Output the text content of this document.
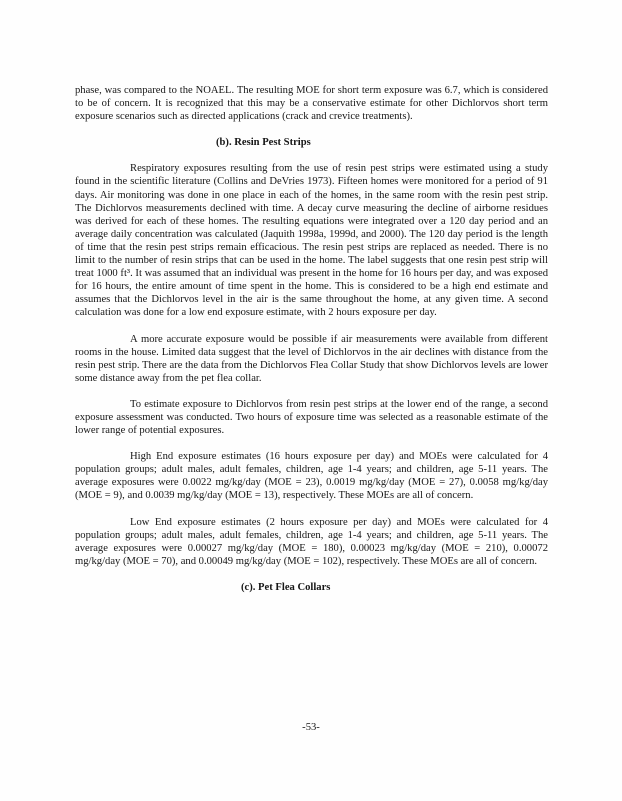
phase, was compared to the NOAEL. The resulting MOE for short term exposure was 6.7, which is considered to be of concern. It is recognized that this may be a conservative estimate for other Dichlorvos short term exposure scenarios such as directed applications (crack and crevice treatments).

(b). Resin Pest Strips

Respiratory exposures resulting from the use of resin pest strips were estimated using a study found in the scientific literature (Collins and DeVries 1973). Fifteen homes were monitored for a period of 91 days. Air monitoring was done in one place in each of the homes, in the same room with the resin pest strip. The Dichlorvos measurements declined with time. A decay curve measuring the decline of airborne residues was derived for each of these homes. The resulting equations were integrated over a 120 day period and an average daily concentration was calculated (Jaquith 1998a, 1999d, and 2000). The 120 day period is the length of time that the resin pest strips remain efficacious. The resin pest strips are replaced as needed. There is no limit to the number of resin strips that can be used in the home. The label suggests that one resin pest strip will treat 1000 ft³. It was assumed that an individual was present in the home for 16 hours per day, and was exposed for 16 hours, the entire amount of time spent in the home. This is considered to be a high end estimate and assumes that the Dichlorvos level in the air is the same throughout the home, at any given time. A second calculation was done for a low end exposure estimate, with 2 hours exposure per day.

A more accurate exposure would be possible if air measurements were available from different rooms in the house. Limited data suggest that the level of Dichlorvos in the air declines with distance from the resin pest strip. There are the data from the Dichlorvos Flea Collar Study that show Dichlorvos levels are lower some distance away from the pet flea collar.

To estimate exposure to Dichlorvos from resin pest strips at the lower end of the range, a second exposure assessment was conducted. Two hours of exposure time was selected as a reasonable estimate of the lower range of potential exposures.

High End exposure estimates (16 hours exposure per day) and MOEs were calculated for 4 population groups; adult males, adult females, children, age 1-4 years; and children, age 5-11 years. The average exposures were 0.0022 mg/kg/day (MOE = 23), 0.0019 mg/kg/day (MOE = 27), 0.0058 mg/kg/day (MOE = 9), and 0.0039 mg/kg/day (MOE = 13), respectively. These MOEs are all of concern.

Low End exposure estimates (2 hours exposure per day) and MOEs were calculated for 4 population groups; adult males, adult females, children, age 1-4 years; and children, age 5-11 years. The average exposures were 0.00027 mg/kg/day (MOE = 180), 0.00023 mg/kg/day (MOE = 210), 0.00072 mg/kg/day (MOE = 70), and 0.00049 mg/kg/day (MOE = 102), respectively. These MOEs are all of concern.

(c). Pet Flea Collars
-53-
